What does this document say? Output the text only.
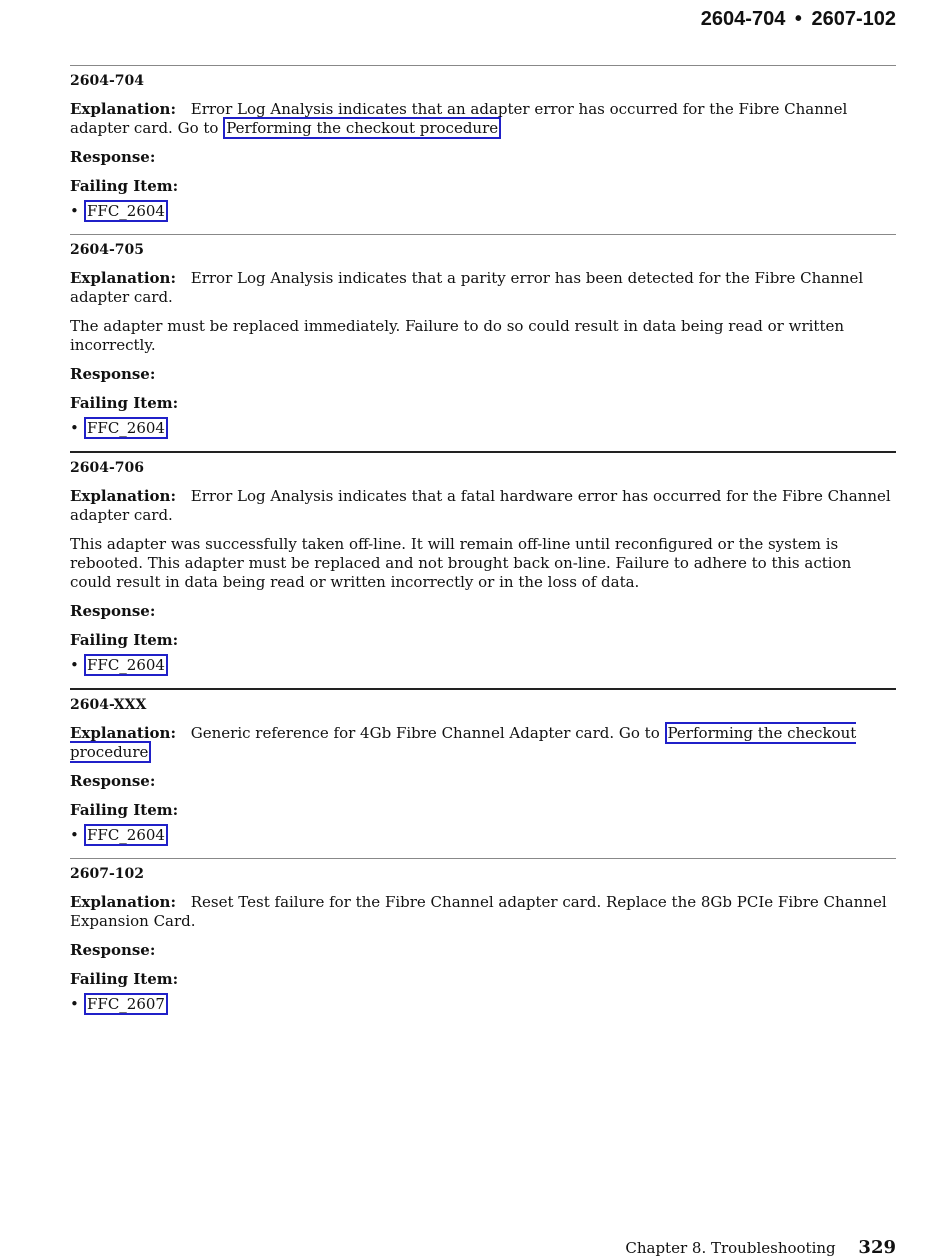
2604-704 • 2607-102

2604-704

Explanation: Error Log Analysis indicates that an adapter error has occurred for the Fibre Channel adapter card. Go to Performing the checkout procedure

Response:

Failing Item:

• FFC_2604

2604-705

Explanation: Error Log Analysis indicates that a parity error has been detected for the Fibre Channel adapter card.

The adapter must be replaced immediately. Failure to do so could result in data being read or written incorrectly.

Response:

Failing Item:

• FFC_2604

2604-706

Explanation: Error Log Analysis indicates that a fatal hardware error has occurred for the Fibre Channel adapter card.

This adapter was successfully taken off-line. It will remain off-line until reconfigured or the system is rebooted. This adapter must be replaced and not brought back on-line. Failure to adhere to this action could result in data being read or written incorrectly or in the loss of data.

Response:

Failing Item:

• FFC_2604

2604-XXX

Explanation: Generic reference for 4Gb Fibre Channel Adapter card. Go to Performing the checkout procedure

Response:

Failing Item:

• FFC_2604

2607-102

Explanation: Reset Test failure for the Fibre Channel adapter card. Replace the 8Gb PCIe Fibre Channel Expansion Card.

Response:

Failing Item:

• FFC_2607
Chapter 8. Troubleshooting 329
